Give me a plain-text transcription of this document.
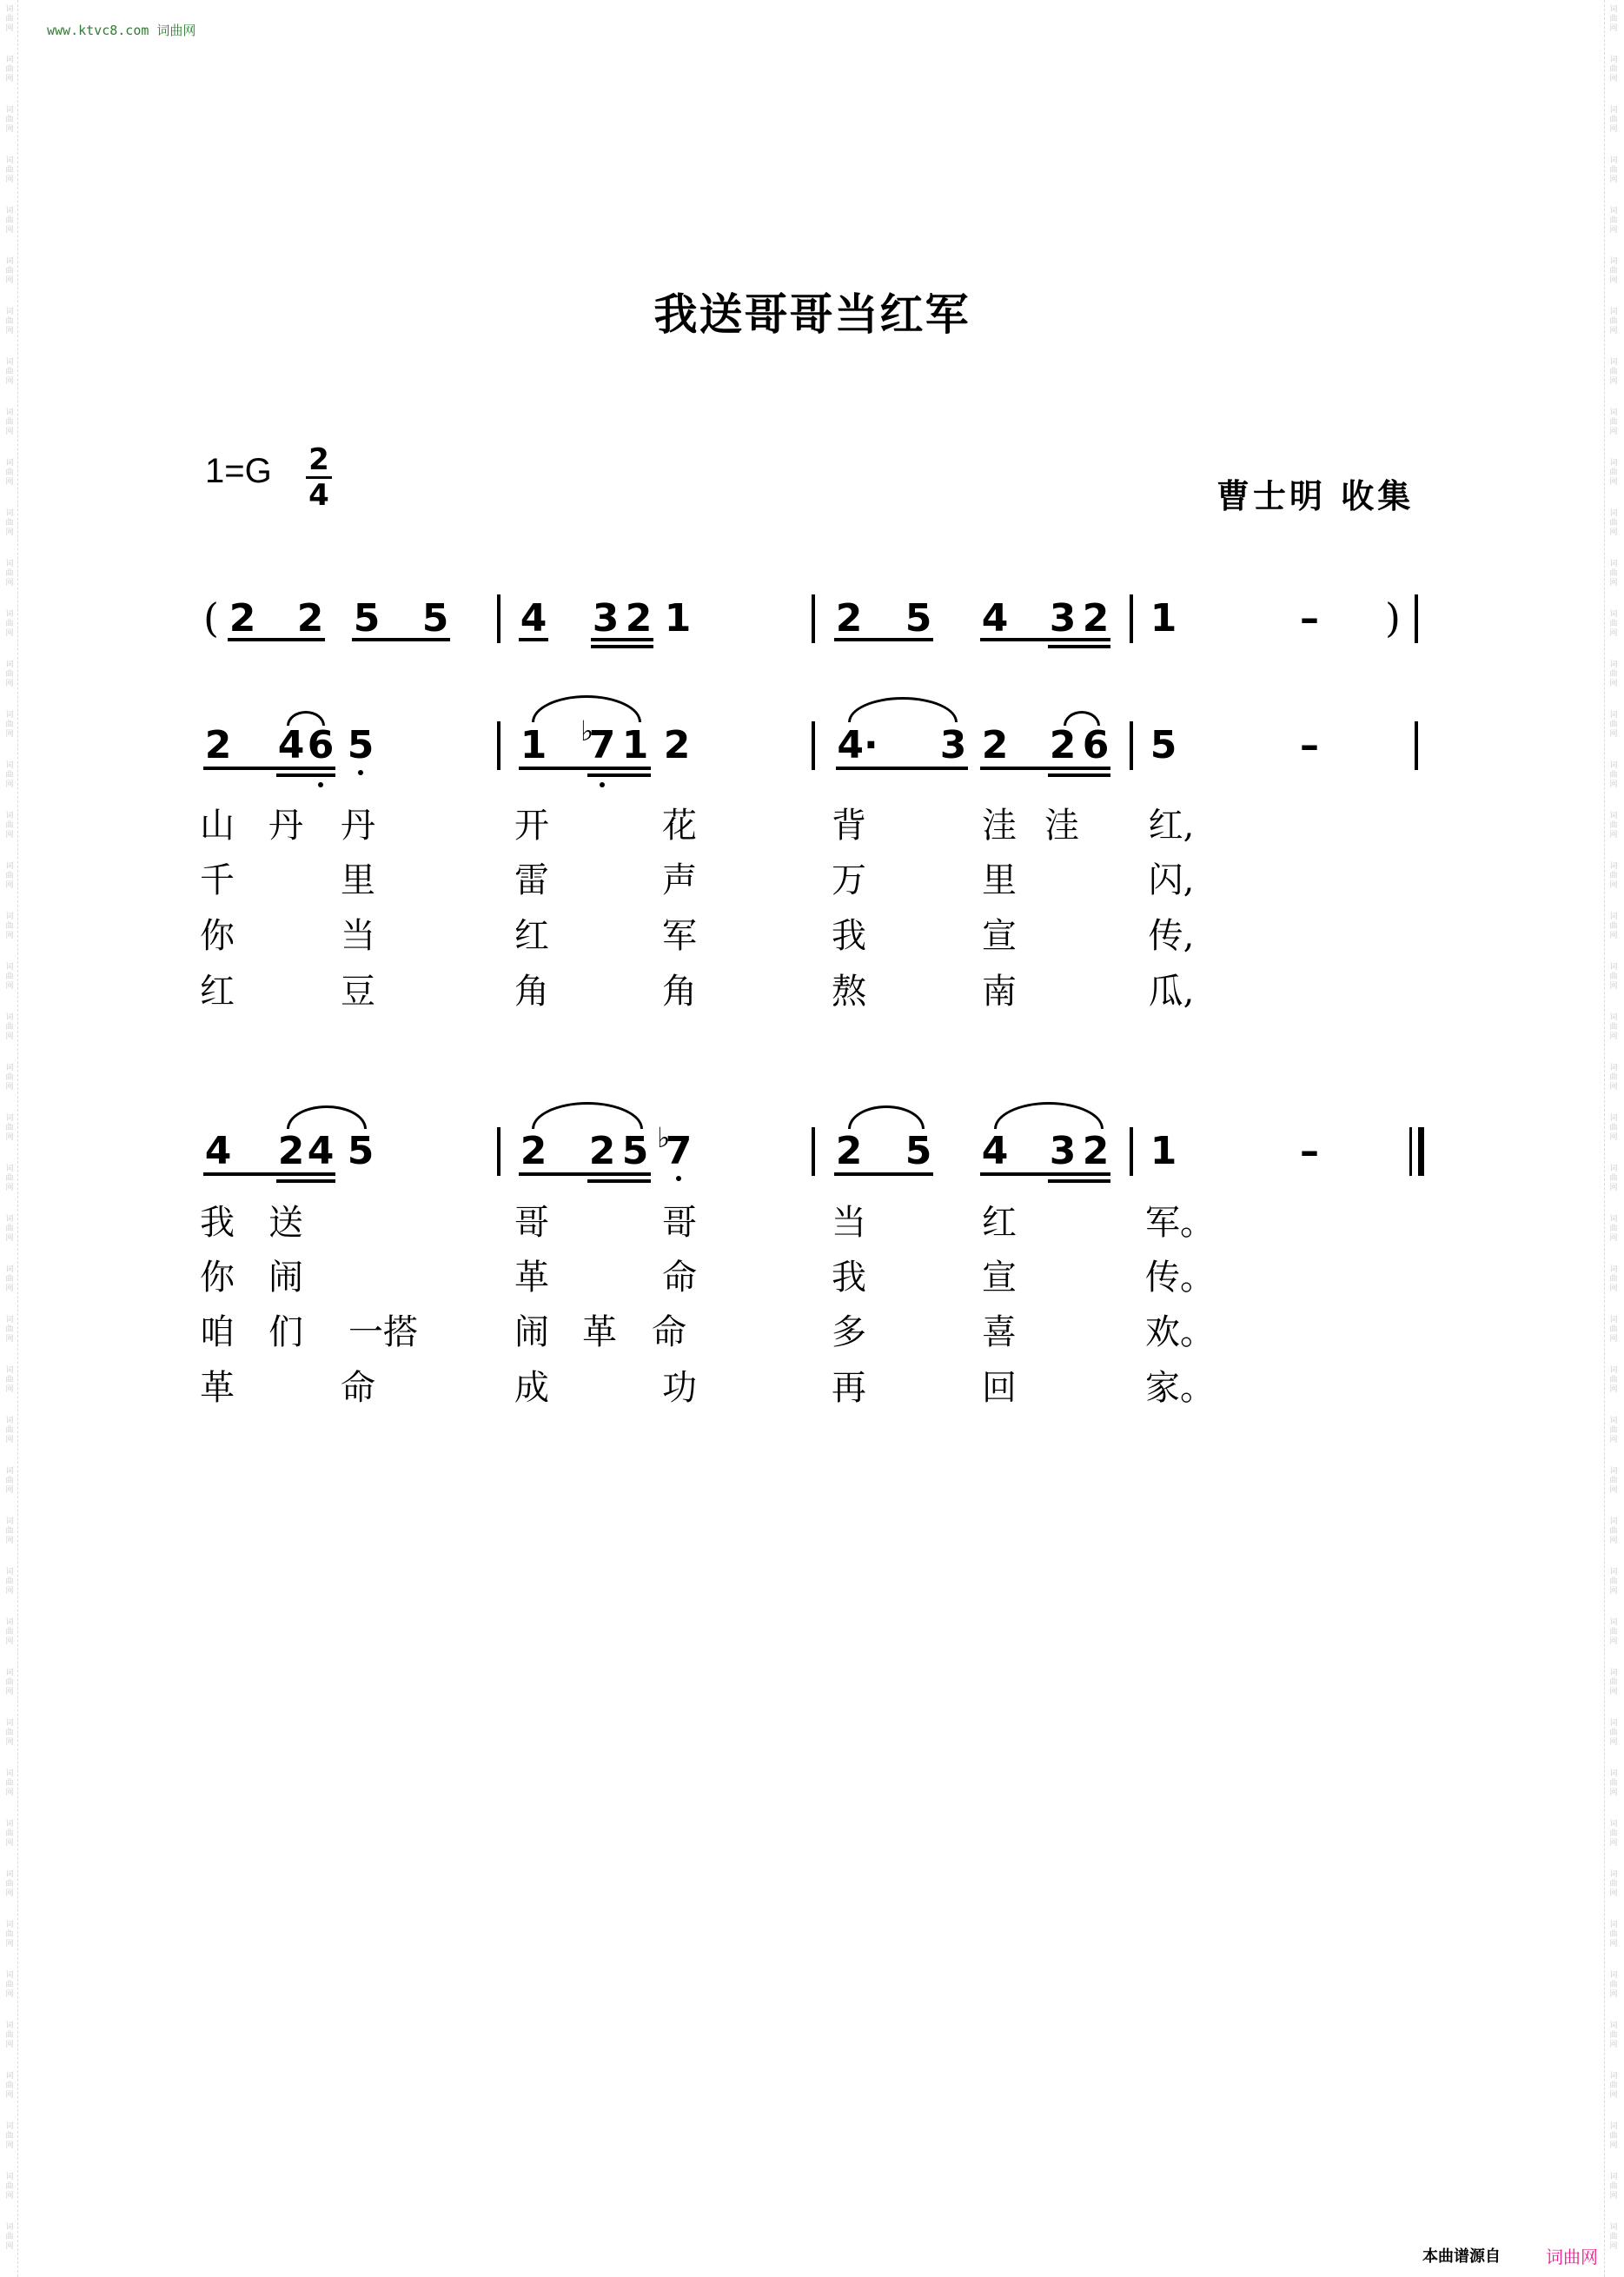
词
曲
网
词
曲
网
词
曲
网
词
曲
网
词
曲
网
词
曲
网
词
曲
网
词
曲
网
词
曲
网
词
曲
网
词
曲
网
词
曲
网
词
曲
网
词
曲
网
词
曲
网
词
曲
网
词
曲
网
词
曲
网
词
曲
网
词
曲
网
词
曲
网
词
曲
网
词
曲
网
词
曲
网
词
曲
网
词
曲
网
词
曲
网
词
曲
网
词
曲
网
词
曲
网
词
曲
网
词
曲
网
词
曲
网
词
曲
网
词
曲
网
词
曲
网
词
曲
网
词
曲
网
词
曲
网
词
曲
网
词
曲
网
词
曲
网
词
曲
网
词
曲
网
词
曲
网
词
曲
网
词
曲
网
词
曲
网
词
曲
网
词
曲
网
词
曲
网
词
曲
网
词
曲
网
词
曲
网
词
曲
网
词
曲
网
词
曲
网
词
曲
网
词
曲
网
词
曲
网
词
曲
网
词
曲
网
词
曲
网
词
曲
网
词
曲
网
词
曲
网
词
曲
网
词
曲
网
词
曲
网
词
曲
网
词
曲
网
词
曲
网
词
曲
网
词
曲
网
词
曲
网
词
曲
网
词
曲
网
词
曲
网
词
曲
网
词
曲
网
词
曲
网
词
曲
网
词
曲
网
词
曲
网
词
曲
网
词
曲
网
词
曲
网
词
曲
网
词
曲
网
词
曲
网
www.ktvc8.com 词曲网
我送哥哥当红军
1=G 2
4	曹士明 收集
( 2 2 5 5 4 3 2 1	2 5 4 3 2 1	– )
2 4 6 5	1 ♭
7 1 2	4· 3 2 2 6 5	–
山 丹 丹	开	花	背	洼 洼 红,
千	里	雷	声	万	里	闪,
你	当	红	军	我	宣	传,
红	豆	角	角	熬	南	瓜,
4 2 4 5	2 2 5 ♭
7	2 5 4 3 2 1	–
我 送	哥	哥	当	红	军。
你 闹	革	命	我	宣	传。
咱 们 一搭	闹 革 命	多	喜	欢。
革	命	成	功	再	回	家。
本曲谱源自	词曲网
